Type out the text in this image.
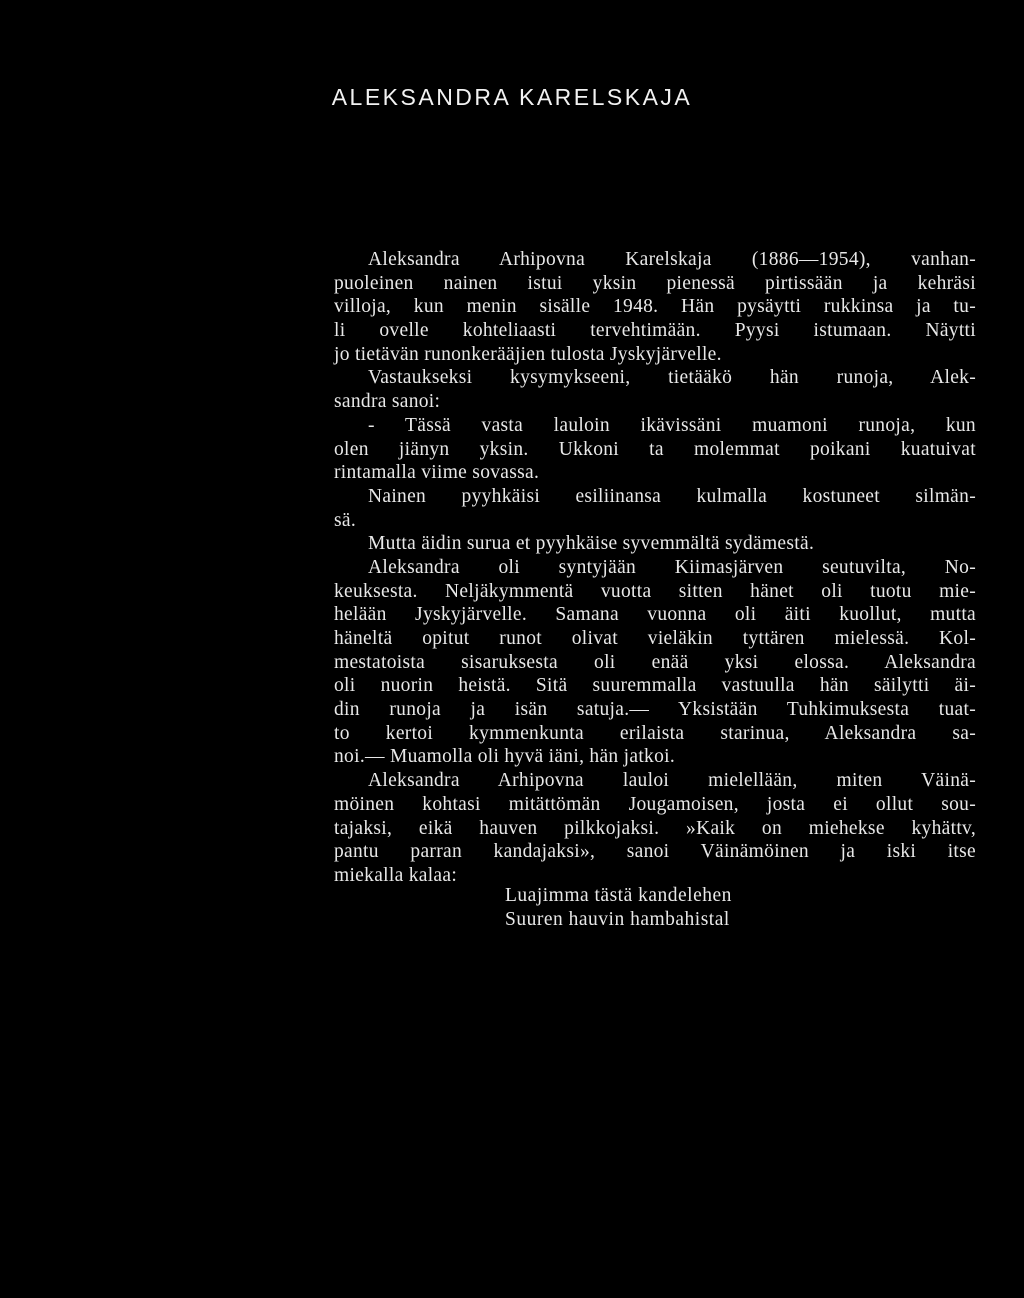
ALEKSANDRA KARELSKAJA
Aleksandra Arhipovna Karelskaja (1886—1954), vanhan-
puoleinen nainen istui yksin pienessä pirtissään ja kehräsi
villoja, kun menin sisälle 1948. Hän pysäytti rukkinsa ja tu-
li ovelle kohteliaasti tervehtimään. Pyysi istumaan. Näytti
jo tietävän runonkerääjien tulosta Jyskyjärvelle.
Vastaukseksi kysymykseeni, tietääkö hän runoja, Alek-
sandra sanoi:
- Tässä vasta lauloin ikävissäni muamoni runoja, kun
olen jiänyn yksin. Ukkoni ta molemmat poikani kuatuivat
rintamalla viime sovassa.
Nainen pyyhkäisi esiliinansa kulmalla kostuneet silmän-
sä.
Mutta äidin surua et pyyhkäise syvemmältä sydämestä.
Aleksandra oli syntyjään Kiimasjärven seutuvilta, No-
keuksesta. Neljäkymmentä vuotta sitten hänet oli tuotu mie-
helään Jyskyjärvelle. Samana vuonna oli äiti kuollut, mutta
häneltä opitut runot olivat vieläkin tyttären mielessä. Kol-
mestatoista sisaruksesta oli enää yksi elossa. Aleksandra
oli nuorin heistä. Sitä suuremmalla vastuulla hän säilytti äi-
din runoja ja isän satuja.— Yksistään Tuhkimuksesta tuat-
to kertoi kymmenkunta erilaista starinua, Aleksandra sa-
noi.— Muamolla oli hyvä iäni, hän jatkoi.
Aleksandra Arhipovna lauloi mielellään, miten Väinä-
möinen kohtasi mitättömän Jougamoisen, josta ei ollut sou-
tajaksi, eikä hauven pilkkojaksi. »Kaik on miehekse kyhättv,
pantu parran kandajaksi», sanoi Väinämöinen ja iski itse
miekalla kalaa:
Luajimma tästä kandelehen
Suuren hauvin hambahistal
